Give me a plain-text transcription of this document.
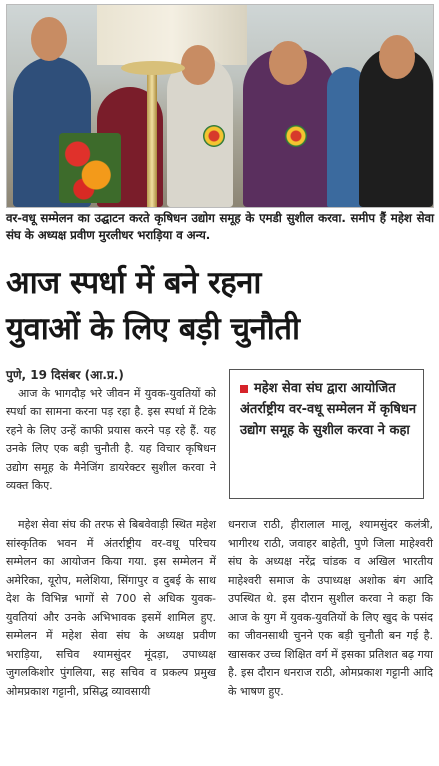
वर-वधू सम्मेलन का उद्घाटन करते कृषिधन उद्योग समूह के एमडी सुशील करवा. समीप हैं महेश सेवा संघ के अध्यक्ष प्रवीण मुरलीधर भराड़िया व अन्य.
आज स्पर्धा में बने रहना
युवाओं के लिए बड़ी चुनौती
पुणे, 19 दिसंबर (आ.प्र.)

आज के भागदौड़ भरे जीवन में युवक-युवतियों को स्पर्धा का सामना करना पड़ रहा है. इस स्पर्धा में टिके रहने के लिए उन्हें काफी प्रयास करने पड़ रहे हैं. यह उनके लिए एक बड़ी चुनौती है. यह विचार कृषिधन उद्योग समूह के मैनेजिंग डायरेक्टर सुशील करवा ने व्यक्त किए.

महेश सेवा संघ द्वारा आयोजित अंतर्राष्ट्रीय वर-वधू सम्मेलन में कृषिधन उद्योग समूह के सुशील करवा ने कहा

महेश सेवा संघ की तरफ से बिबवेवाड़ी स्थित महेश सांस्कृतिक भवन में अंतर्राष्ट्रीय वर-वधू परिचय सम्मेलन का आयोजन किया गया. इस सम्मेलन में अमेरिका, यूरोप, मलेशिया, सिंगापुर व दुबई के साथ देश के विभिन्न भागों से 700 से अधिक युवक-युवतियां और उनके अभिभावक इसमें शामिल हुए. सम्मेलन में महेश सेवा संघ के अध्यक्ष प्रवीण भराड़िया, सचिव श्यामसुंदर मूंदड़ा, उपाध्यक्ष जुगलकिशोर पुंगलिया, सह सचिव व प्रकल्प प्रमुख ओमप्रकाश गट्टानी, प्रसिद्ध व्यावसायी

धनराज राठी, हीरालाल मालू, श्यामसुंदर कलंत्री, भागीरथ राठी, जवाहर बाहेती, पुणे जिला माहेश्वरी संघ के अध्यक्ष नरेंद्र चांडक व अखिल भारतीय माहेश्वरी समाज के उपाध्यक्ष अशोक बंग आदि उपस्थित थे. इस दौरान सुशील करवा ने कहा कि आज के युग में युवक-युवतियों के लिए खुद के पसंद का जीवनसाथी चुनने एक बड़ी चुनौती बन गई है. खासकर उच्च शिक्षित वर्ग में इसका प्रतिशत बढ़ गया है. इस दौरान धनराज राठी, ओमप्रकाश गट्टानी आदि के भाषण हुए.
